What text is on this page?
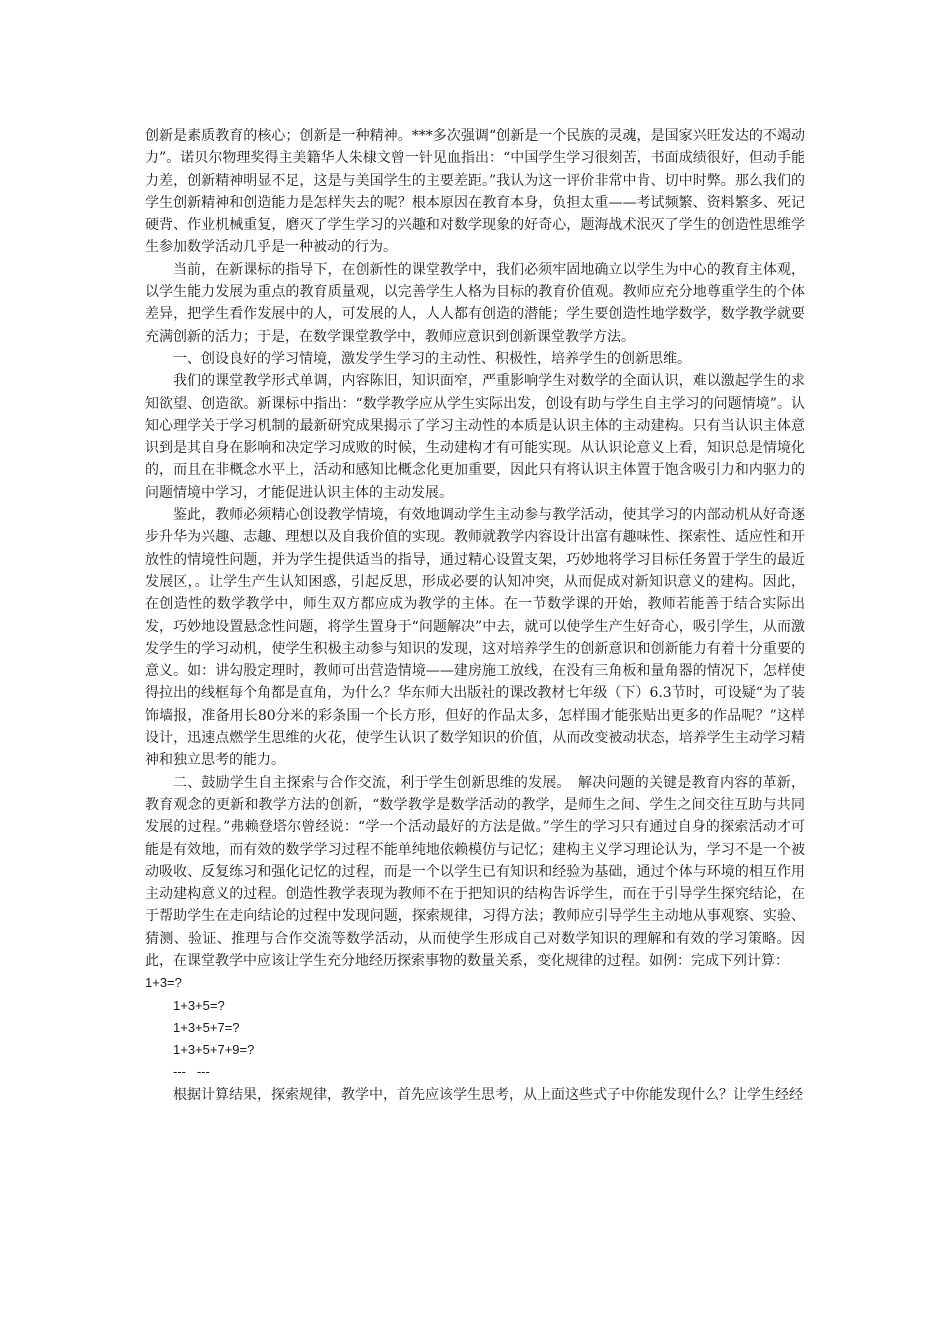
创新是素质教育的核心；创新是一种精神。***多次强调“创新是一个民族的灵魂，是国家兴旺发达的不竭动力”。诺贝尔物理奖得主美籍华人朱棣文曾一针见血指出：“中国学生学习很刻苦，书面成绩很好，但动手能力差，创新精神明显不足，这是与美国学生的主要差距。”我认为这一评价非常中肯、切中时弊。那么我们的学生创新精神和创造能力是怎样失去的呢？根本原因在教育本身，负担太重——考试频繁、资料繁多、死记硬背、作业机械重复，磨灭了学生学习的兴趣和对数学现象的好奇心，题海战术泯灭了学生的创造性思维学生参加数学活动几乎是一种被动的行为。

当前，在新课标的指导下，在创新性的课堂教学中，我们必须牢固地确立以学生为中心的教育主体观，以学生能力发展为重点的教育质量观，以完善学生人格为目标的教育价值观。教师应充分地尊重学生的个体差异，把学生看作发展中的人，可发展的人，人人都有创造的潜能；学生要创造性地学数学，数学教学就要充满创新的活力；于是，在数学课堂教学中，教师应意识到创新课堂教学方法。

一、创设良好的学习情境，激发学生学习的主动性、积极性，培养学生的创新思维。

我们的课堂教学形式单调，内容陈旧，知识面窄，严重影响学生对数学的全面认识，难以激起学生的求知欲望、创造欲。新课标中指出：“数学教学应从学生实际出发，创设有助与学生自主学习的问题情境”。认知心理学关于学习机制的最新研究成果揭示了学习主动性的本质是认识主体的主动建构。只有当认识主体意识到是其自身在影响和决定学习成败的时候，生动建构才有可能实现。从认识论意义上看，知识总是情境化的，而且在非概念水平上，活动和感知比概念化更加重要，因此只有将认识主体置于饱含吸引力和内驱力的问题情境中学习，才能促进认识主体的主动发展。

鉴此，教师必须精心创设教学情境，有效地调动学生主动参与教学活动，使其学习的内部动机从好奇逐步升华为兴趣、志趣、理想以及自我价值的实现。教师就教学内容设计出富有趣味性、探索性、适应性和开放性的情境性问题，并为学生提供适当的指导，通过精心设置支架，巧妙地将学习目标任务置于学生的最近发展区，。让学生产生认知困惑，引起反思，形成必要的认知冲突，从而促成对新知识意义的建构。因此，在创造性的数学教学中，师生双方都应成为教学的主体。在一节数学课的开始，教师若能善于结合实际出发，巧妙地设置悬念性问题，将学生置身于“问题解决”中去，就可以使学生产生好奇心，吸引学生，从而激发学生的学习动机，使学生积极主动参与知识的发现，这对培养学生的创新意识和创新能力有着十分重要的意义。如：讲勾股定理时，教师可出营造情境——建房施工放线，在没有三角板和量角器的情况下，怎样使得拉出的线框每个角都是直角，为什么？华东师大出版社的课改教材七年级（下）6.3节时，可设疑“为了装饰墙报，准备用长80分米的彩条围一个长方形，但好的作品太多，怎样围才能张贴出更多的作品呢？”这样设计，迅速点燃学生思维的火花，使学生认识了数学知识的价值，从而改变被动状态，培养学生主动学习精神和独立思考的能力。

二、鼓励学生自主探索与合作交流，利于学生创新思维的发展。　解决问题的关键是教育内容的革新，教育观念的更新和教学方法的创新，“数学教学是数学活动的教学，是师生之间、学生之间交往互助与共同发展的过程。”弗赖登塔尔曾经说：“学一个活动最好的方法是做。”学生的学习只有通过自身的探索活动才可能是有效地，而有效的数学学习过程不能单纯地依赖模仿与记忆；建构主义学习理论认为，学习不是一个被动吸收、反复练习和强化记忆的过程，而是一个以学生已有知识和经验为基础，通过个体与环境的相互作用主动建构意义的过程。创造性教学表现为教师不在于把知识的结构告诉学生，而在于引导学生探究结论，在于帮助学生在走向结论的过程中发现问题，探索规律，习得方法；教师应引导学生主动地从事观察、实验、猜测、验证、推理与合作交流等数学活动，从而使学生形成自己对数学知识的理解和有效的学习策略。因此，在课堂教学中应该让学生充分地经历探索事物的数量关系，变化规律的过程。如例：完成下列计算：

1+3=?

1+3+5=?

1+3+5+7=?

1+3+5+7+9=?

---   ---

根据计算结果，探索规律，教学中，首先应该学生思考，从上面这些式子中你能发现什么？让学生经经
